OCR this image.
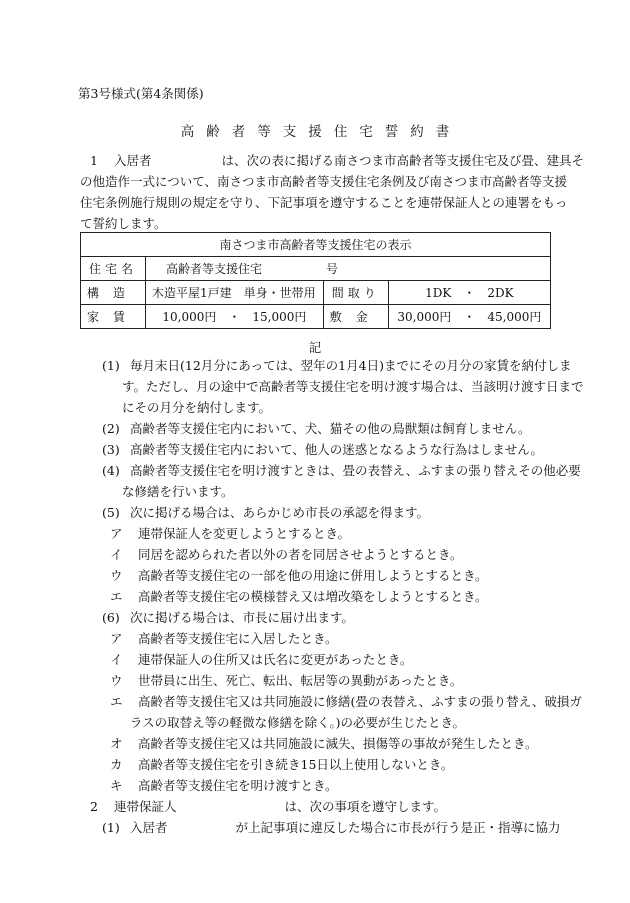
第3号様式(第4条関係)
高齢者等支援住宅誓約書
1 入居者	は、次の表に掲げる南さつま市高齢者等支援住宅及び畳、建具そ
の他造作一式について、南さつま市高齢者等支援住宅条例及び南さつま市高齢者等支援
住宅条例施行規則の規定を守り、下記事項を遵守することを連帯保証人との連署をもっ
て誓約します。
南さつま市高齢者等支援住宅の表示			
住宅名	高齢者等支援住宅 号		
構造	木造平屋1戸建　単身・世帯用	間取り	1DK　・　2DK
家賃	10,000円　・　15,000円	敷金	30,000円　・　45,000円
記
(1) 毎月末日(12月分にあっては、翌年の1月4日)までにその月分の家賃を納付しま
す。ただし、月の途中で高齢者等支援住宅を明け渡す場合は、当該明け渡す日まで
にその月分を納付します。
(2) 高齢者等支援住宅内において、犬、猫その他の鳥獣類は飼育しません。
(3) 高齢者等支援住宅内において、他人の迷惑となるような行為はしません。
(4) 高齢者等支援住宅を明け渡すときは、畳の表替え、ふすまの張り替えその他必要
な修繕を行います。
(5) 次に掲げる場合は、あらかじめ市長の承認を得ます。
ア 連帯保証人を変更しようとするとき。
イ 同居を認められた者以外の者を同居させようとするとき。
ウ 高齢者等支援住宅の一部を他の用途に併用しようとするとき。
エ 高齢者等支援住宅の模様替え又は増改築をしようとするとき。
(6) 次に掲げる場合は、市長に届け出ます。
ア 高齢者等支援住宅に入居したとき。
イ 連帯保証人の住所又は氏名に変更があったとき。
ウ 世帯員に出生、死亡、転出、転居等の異動があったとき。
エ 高齢者等支援住宅又は共同施設に修繕(畳の表替え、ふすまの張り替え、破損ガ
ラスの取替え等の軽微な修繕を除く。)の必要が生じたとき。
オ 高齢者等支援住宅又は共同施設に滅失、損傷等の事故が発生したとき。
カ 高齢者等支援住宅を引き続き15日以上使用しないとき。
キ 高齢者等支援住宅を明け渡すとき。
2 連帯保証人	は、次の事項を遵守します。
(1) 入居者	が上記事項に違反した場合に市長が行う是正・指導に協力
